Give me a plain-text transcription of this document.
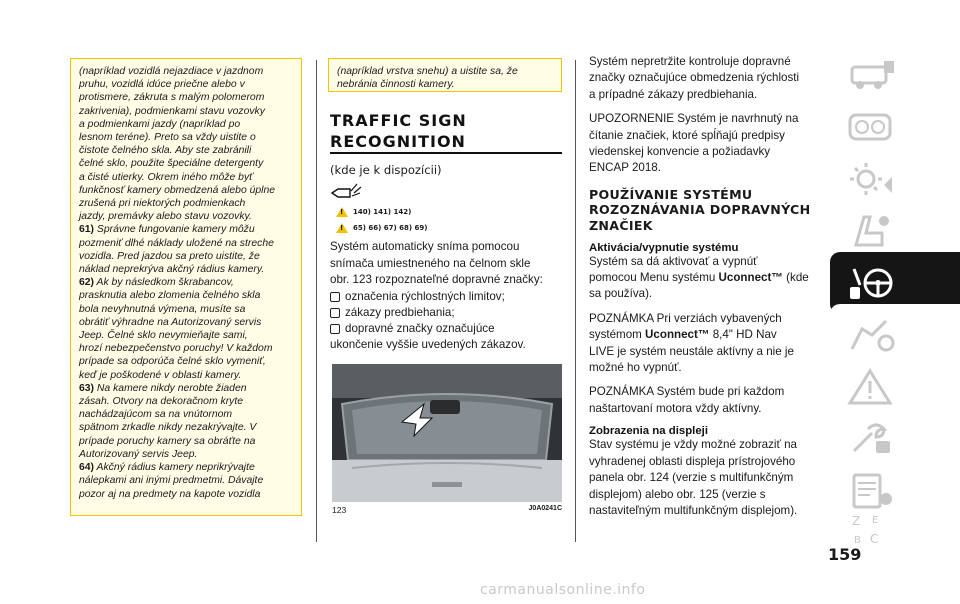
(napríklad vozidlá nejazdiace v jazdnom

pruhu, vozidlá idúce priečne alebo v

protismere, zákruta s malým polomerom

zakrivenia), podmienkami stavu vozovky

a podmienkami jazdy (napríklad po

lesnom teréne). Preto sa vždy uistite o

čistote čelného skla. Aby ste zabránili

čelné sklo, použite špeciálne detergenty

a čisté utierky. Okrem iného môže byť

funkčnosť kamery obmedzená alebo úplne

zrušená pri niektorých podmienkach

jazdy, premávky alebo stavu vozovky.

61) Správne fungovanie kamery môžu

pozmeniť dlhé náklady uložené na streche

vozidla. Pred jazdou sa preto uistite, že

náklad neprekrýva akčný rádius kamery.

62) Ak by následkom škrabancov,

prasknutia alebo zlomenia čelného skla

bola nevyhnutná výmena, musíte sa

obrátiť výhradne na Autorizovaný servis

Jeep. Čelné sklo nevymieňajte sami,

hrozí nebezpečenstvo poruchy! V každom

prípade sa odporúča čelné sklo vymeniť,

keď je poškodené v oblasti kamery.

63) Na kamere nikdy nerobte žiaden

zásah. Otvory na dekoračnom kryte

nachádzajúcom sa na vnútornom

spätnom zrkadle nikdy nezakrývajte. V

prípade poruchy kamery sa obráťte na

Autorizovaný servis Jeep.

64) Akčný rádius kamery neprikrývajte

nálepkami ani inými predmetmi. Dávajte

pozor aj na predmety na kapote vozidla

(napríklad vrstva snehu) a uistite sa, že

nebránia činnosti kamery.

TRAFFIC SIGN

RECOGNITION

(kde je k dispozícii)

!
140) 141) 142)
!
65) 66) 67) 68) 69)

Systém automaticky sníma pomocou

snímača umiestneného na čelnom skle

obr. 123 rozpoznateľné dopravné značky:

označenia rýchlostných limitov;
zákazy predbiehania;
dopravné značky označujúce

ukončenie vyššie uvedených zákazov.

123	J0A0241C

Systém nepretržite kontroluje dopravné

značky označujúce obmedzenia rýchlosti

a prípadné zákazy predbiehania.

UPOZORNENIE Systém je navrhnutý na

čítanie značiek, ktoré spĺňajú predpisy

viedenskej konvencie a požiadavky

ENCAP 2018.

POUŽÍVANIE SYSTÉMU

ROZOZNÁVANIA DOPRAVNÝCH

ZNAČIEK

Aktivácia/vypnutie systému

Systém sa dá aktivovať a vypnúť

pomocou Menu systému Uconnect™ (kde

sa používa).

POZNÁMKA Pri verziách vybavených

systémom Uconnect™ 8,4" HD Nav

LIVE je systém neustále aktívny a nie je

možné ho vypnúť.

POZNÁMKA Systém bude pri každom

naštartovaní motora vždy aktívny.

Zobrazenia na displeji

Stav systému je vždy možné zobraziť na

vyhradenej oblasti displeja prístrojového

panela obr. 124 (verzie s multifunkčným

displejom) alebo obr. 125 (verzie s

nastaviteľným multifunkčným displejom).

Z E
B C
159
carmanualsonline.info
